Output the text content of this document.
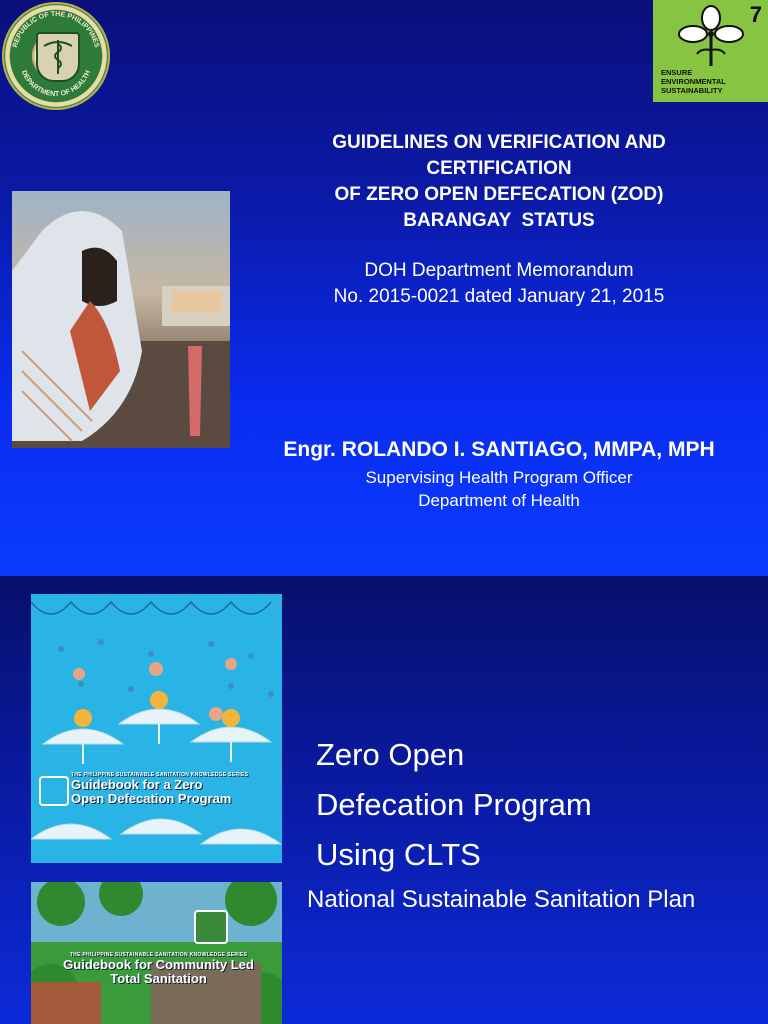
REPUBLIC OF THE PHILIPPINES
DEPARTMENT OF HEALTH
7
ENSURE
ENVIRONMENTAL
SUSTAINABILITY
GUIDELINES ON VERIFICATION AND
CERTIFICATION
OF ZERO OPEN DEFECATION (ZOD)
BARANGAY  STATUS
DOH Department Memorandum
No. 2015-0021 dated January 21, 2015
Engr. ROLANDO I. SANTIAGO, MMPA, MPH
Supervising Health Program Officer
Department of Health
THE PHILIPPINE SUSTAINABLE SANITATION KNOWLEDGE SERIES
Guidebook for a Zero
Open Defecation Program
THE PHILIPPINE SUSTAINABLE SANITATION KNOWLEDGE SERIES
Guidebook for Community Led
Total Sanitation
Zero Open
Defecation Program
Using CLTS
National Sustainable Sanitation Plan
